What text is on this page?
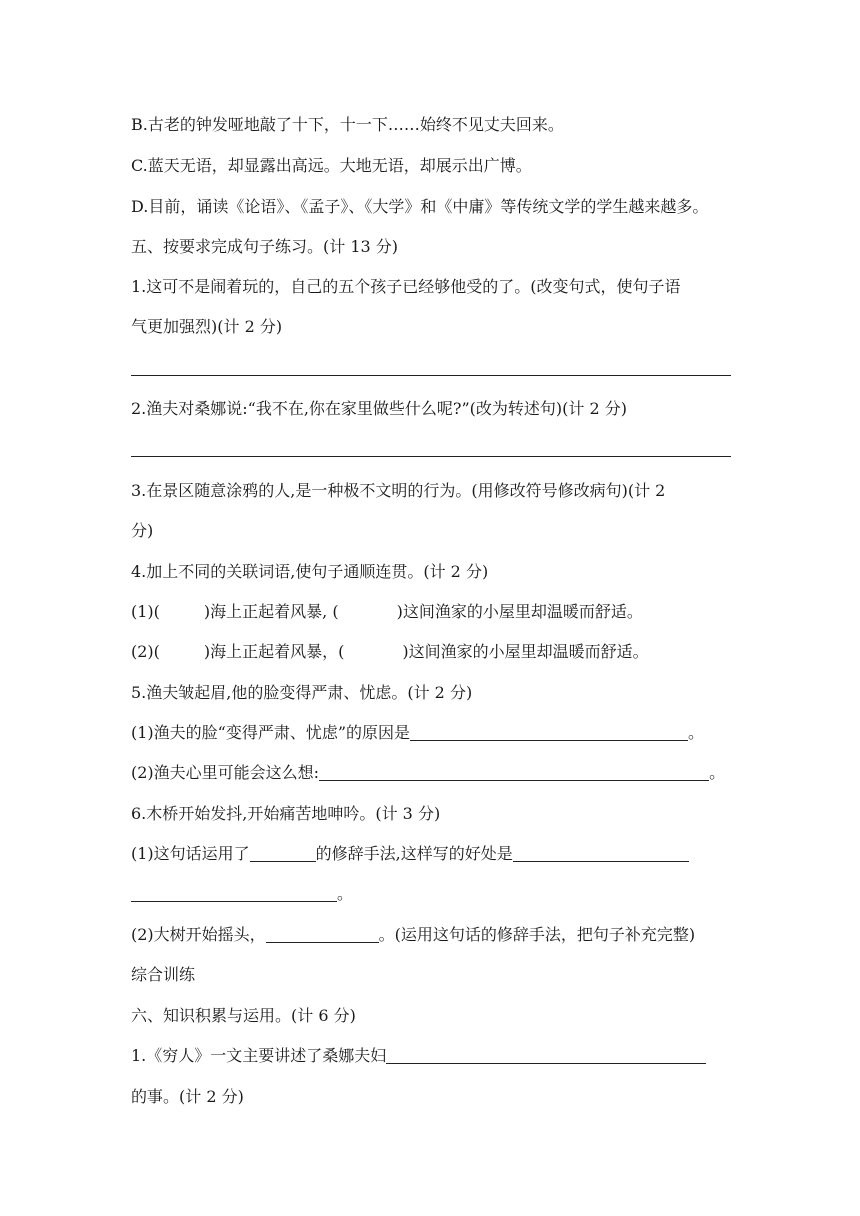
B.古老的钟发哑地敲了十下，十一下……始终不见丈夫回来。
C.蓝天无语，却显露出高远。大地无语，却展示出广博。
D.目前，诵读《论语》、《孟子》、《大学》和《中庸》等传统文学的学生越来越多。
五、按要求完成句子练习。(计 13 分)
1.这可不是闹着玩的，自己的五个孩子已经够他受的了。(改变句式，使句子语
气更加强烈)(计 2 分)
2.渔夫对桑娜说:“我不在,你在家里做些什么呢?”(改为转述句)(计 2 分)
3.在景区随意涂鸦的人,是一种极不文明的行为。(用修改符号修改病句)(计 2
分)
4.加上不同的关联词语,使句子通顺连贯。(计 2 分)
(1)(	)海上正起着风暴, (	)这间渔家的小屋里却温暖而舒适。
(2)(	)海上正起着风暴，(	)这间渔家的小屋里却温暖而舒适。
5.渔夫皱起眉,他的脸变得严肃、忧虑。(计 2 分)
(1)渔夫的脸“变得严肃、忧虑”的原因是	。
(2)渔夫心里可能会这么想:	。
6.木桥开始发抖,开始痛苦地呻吟。(计 3 分)
(1)这句话运用了	的修辞手法,这样写的好处是
。
(2)大树开始摇头，	。(运用这句话的修辞手法，把句子补充完整)
综合训练
六、知识积累与运用。(计 6 分)
1.《穷人》一文主要讲述了桑娜夫妇
的事。(计 2 分)
